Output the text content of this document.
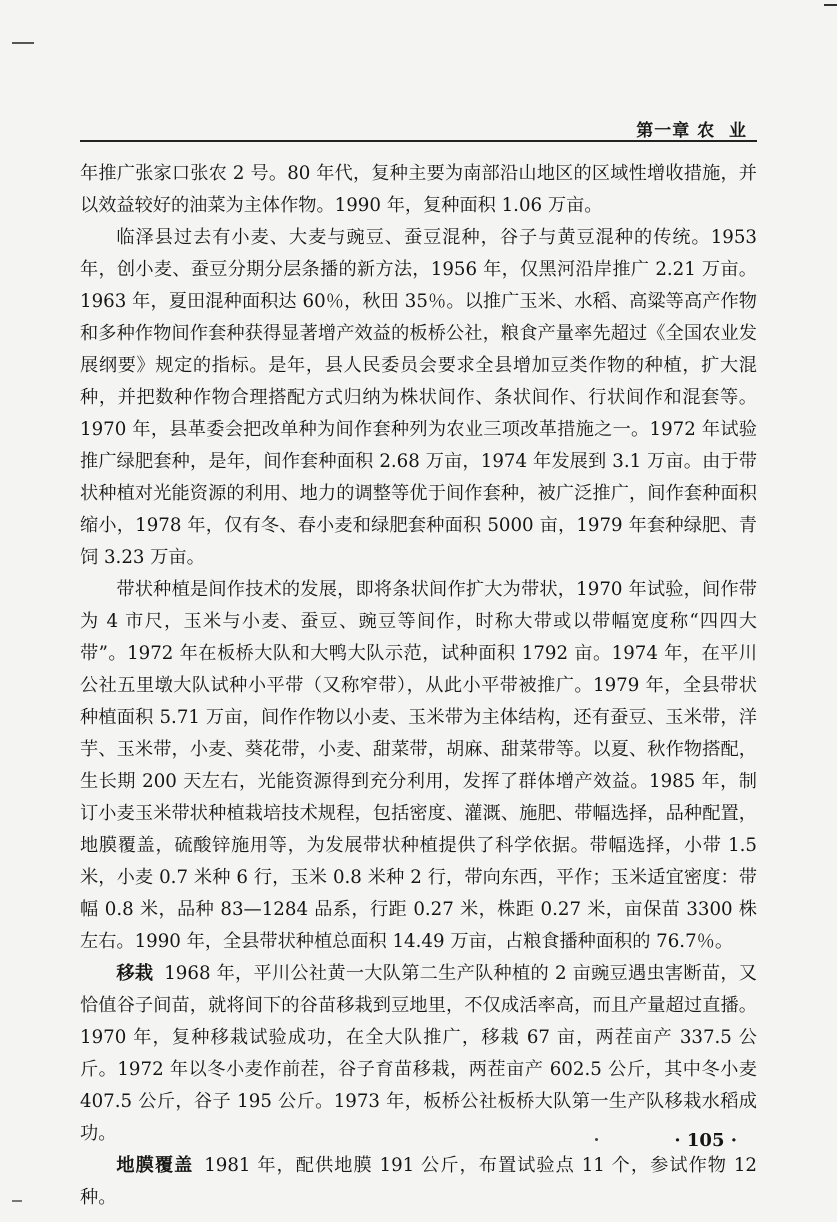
第一章 农  业

年推广张家口张农 2 号。80 年代，复种主要为南部沿山地区的区域性增收措施，并以效益较好的油菜为主体作物。1990 年，复种面积 1.06 万亩。

临泽县过去有小麦、大麦与豌豆、蚕豆混种，谷子与黄豆混种的传统。1953 年，创小麦、蚕豆分期分层条播的新方法，1956 年，仅黑河沿岸推广 2.21 万亩。1963 年，夏田混种面积达 60％，秋田 35％。以推广玉米、水稻、高粱等高产作物和多种作物间作套种获得显著增产效益的板桥公社，粮食产量率先超过《全国农业发展纲要》规定的指标。是年，县人民委员会要求全县增加豆类作物的种植，扩大混种，并把数种作物合理搭配方式归纳为株状间作、条状间作、行状间作和混套等。1970 年，县革委会把改单种为间作套种列为农业三项改革措施之一。1972 年试验推广绿肥套种，是年，间作套种面积 2.68 万亩，1974 年发展到 3.1 万亩。由于带状种植对光能资源的利用、地力的调整等优于间作套种，被广泛推广，间作套种面积缩小，1978 年，仅有冬、春小麦和绿肥套种面积 5000 亩，1979 年套种绿肥、青饲 3.23 万亩。

带状种植是间作技术的发展，即将条状间作扩大为带状，1970 年试验，间作带为 4 市尺，玉米与小麦、蚕豆、豌豆等间作，时称大带或以带幅宽度称“四四大带”。1972 年在板桥大队和大鸭大队示范，试种面积 1792 亩。1974 年，在平川公社五里墩大队试种小平带（又称窄带），从此小平带被推广。1979 年，全县带状种植面积 5.71 万亩，间作作物以小麦、玉米带为主体结构，还有蚕豆、玉米带，洋芋、玉米带，小麦、葵花带，小麦、甜菜带，胡麻、甜菜带等。以夏、秋作物搭配，生长期 200 天左右，光能资源得到充分利用，发挥了群体增产效益。1985 年，制订小麦玉米带状种植栽培技术规程，包括密度、灌溉、施肥、带幅选择，品种配置，地膜覆盖，硫酸锌施用等，为发展带状种植提供了科学依据。带幅选择，小带 1.5 米，小麦 0.7 米种 6 行，玉米 0.8 米种 2 行，带向东西，平作；玉米适宜密度：带幅 0.8 米，品种 83—1284 品系，行距 0.27 米，株距 0.27 米，亩保苗 3300 株左右。1990 年，全县带状种植总面积 14.49 万亩，占粮食播种面积的 76.7％。

移栽 1968 年，平川公社黄一大队第二生产队种植的 2 亩豌豆遇虫害断苗，又恰值谷子间苗，就将间下的谷苗移栽到豆地里，不仅成活率高，而且产量超过直播。1970 年，复种移栽试验成功，在全大队推广，移栽 67 亩，两茬亩产 337.5 公斤。1972 年以冬小麦作前茬，谷子育苗移栽，两茬亩产 602.5 公斤，其中冬小麦 407.5 公斤，谷子 195 公斤。1973 年，板桥公社板桥大队第一生产队移栽水稻成功。

地膜覆盖 1981 年，配供地膜 191 公斤，布置试验点 11 个，参试作物 12 种。

· 105 ·
